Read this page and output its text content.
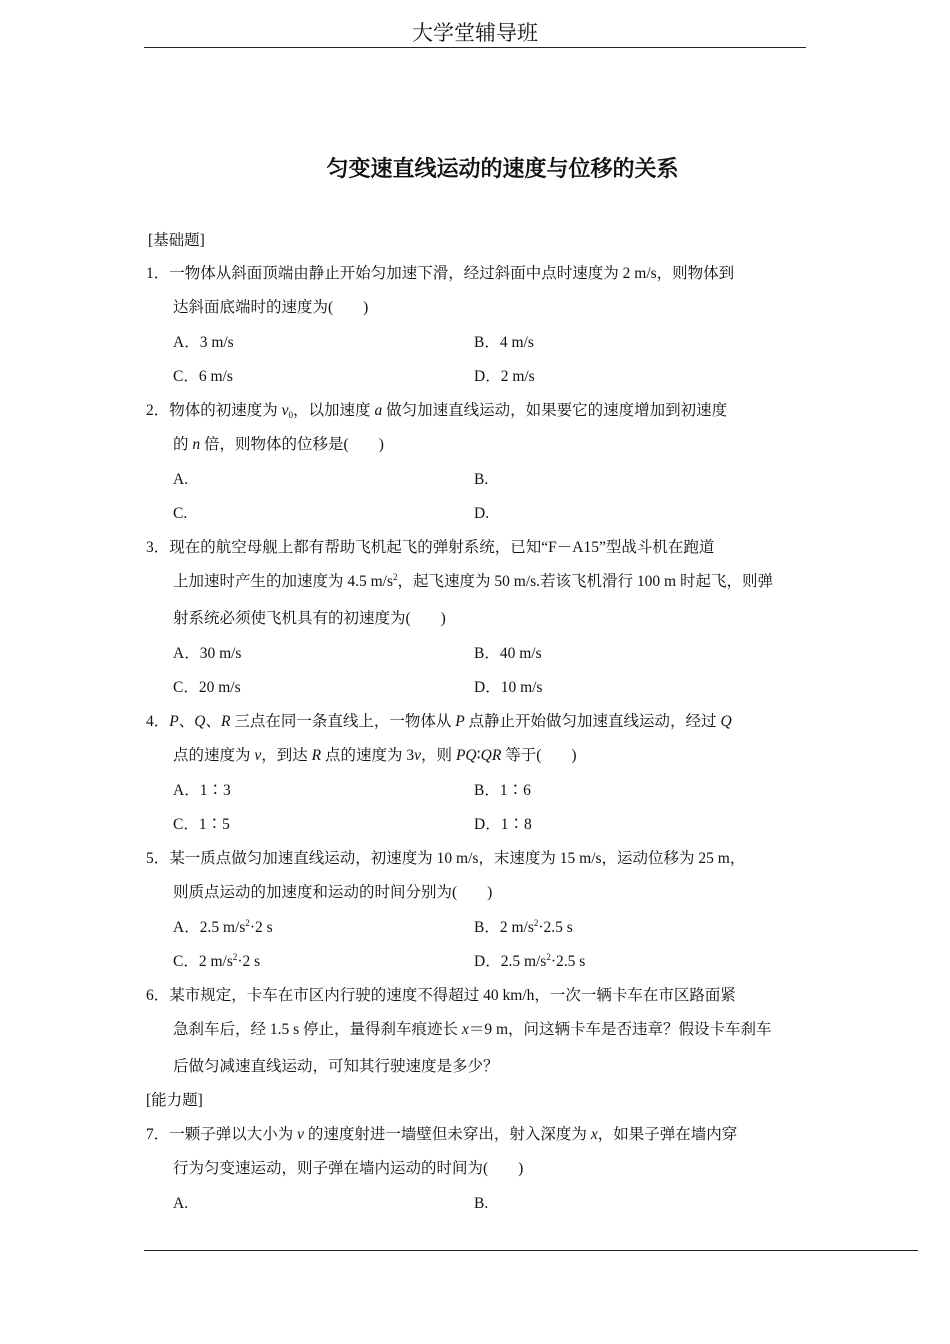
大学堂辅导班
匀变速直线运动的速度与位移的关系
[基础题]
1．一物体从斜面顶端由静止开始匀加速下滑，经过斜面中点时速度为 2 m/s，则物体到
达斜面底端时的速度为( )
A．3 m/s	B．4 m/s
C．6 m/s	D．2 m/s
2．物体的初速度为 $v_0$，以加速度 a 做匀加速直线运动，如果要它的速度增加到初速度
的 n 倍，则物体的位移是( )
A.	B.
C.	D.
3．现在的航空母舰上都有帮助飞机起飞的弹射系统，已知“F－A15”型战斗机在跑道
上加速时产生的加速度为 4.5 $m/s^2$，起飞速度为 50 m/s.若该飞机滑行 100 m 时起飞，则弹
射系统必须使飞机具有的初速度为( )
A．30 m/s	B．40 m/s
C．20 m/s	D．10 m/s
4．P、Q、R 三点在同一条直线上，一物体从 P 点静止开始做匀加速直线运动，经过 Q
点的速度为 v，到达 R 点的速度为 3v，则 PQ∶QR 等于( )
A．1∶3	B．1∶6
C．1∶5	D．1∶8
5．某一质点做匀加速直线运动，初速度为 10 m/s，末速度为 15 m/s，运动位移为 25 m，
则质点运动的加速度和运动的时间分别为( )
A．2.5 $m/s^2\cdot 2$ s	B．2 $m/s^2\cdot 2.5$ s
C．2 $m/s^2\cdot 2$ s	D．2.5 $m/s^2\cdot 2.5$ s
6．某市规定，卡车在市区内行驶的速度不得超过 40 km/h，一次一辆卡车在市区路面紧
急刹车后，经 1.5 s 停止，量得刹车痕迹长 x＝9 m，问这辆卡车是否违章？假设卡车刹车
后做匀减速直线运动，可知其行驶速度是多少？
[能力题]
7．一颗子弹以大小为 v 的速度射进一墙壁但未穿出，射入深度为 x，如果子弹在墙内穿
行为匀变速运动，则子弹在墙内运动的时间为( )
A.	B.
